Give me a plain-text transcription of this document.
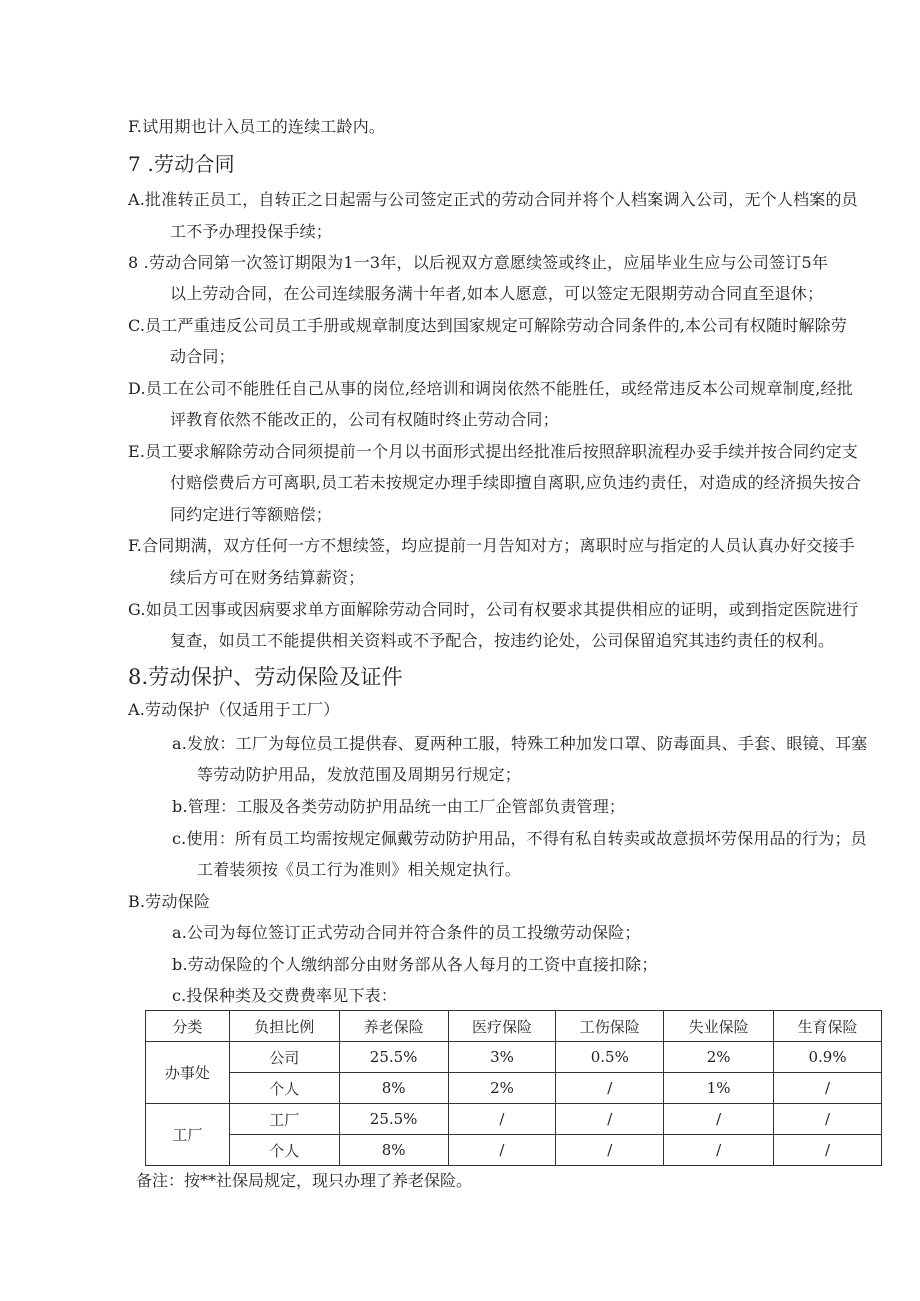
F.试用期也计入员工的连续工龄内。
7 .劳动合同
A.批准转正员工，自转正之日起需与公司签定正式的劳动合同并将个人档案调入公司，无个人档案的员
工不予办理投保手续；
8 .劳动合同第一次签订期限为1一3年，以后视双方意愿续签或终止，应届毕业生应与公司签订5年
以上劳动合同，在公司连续服务满十年者,如本人愿意，可以签定无限期劳动合同直至退休；
C.员工严重违反公司员工手册或规章制度达到国家规定可解除劳动合同条件的,本公司有权随时解除劳
动合同；
D.员工在公司不能胜任自己从事的岗位,经培训和调岗依然不能胜任，或经常违反本公司规章制度,经批
评教育依然不能改正的，公司有权随时终止劳动合同；
E.员工要求解除劳动合同须提前一个月以书面形式提出经批准后按照辞职流程办妥手续并按合同约定支
付赔偿费后方可离职,员工若未按规定办理手续即擅自离职,应负违约责任，对造成的经济损失按合
同约定进行等额赔偿；
F.合同期满，双方任何一方不想续签，均应提前一月告知对方；离职时应与指定的人员认真办好交接手
续后方可在财务结算薪资；
G.如员工因事或因病要求单方面解除劳动合同时，公司有权要求其提供相应的证明，或到指定医院进行
复查，如员工不能提供相关资料或不予配合，按违约论处，公司保留追究其违约责任的权利。
8.劳动保护、劳动保险及证件
A.劳动保护（仅适用于工厂）
a.发放：工厂为每位员工提供春、夏两种工服，特殊工种加发口罩、防毒面具、手套、眼镜、耳塞
等劳动防护用品，发放范围及周期另行规定；
b.管理：工服及各类劳动防护用品统一由工厂企管部负责管理；
c.使用：所有员工均需按规定佩戴劳动防护用品，不得有私自转卖或故意损坏劳保用品的行为；员
工着装须按《员工行为准则》相关规定执行。
B.劳动保险
a.公司为每位签订正式劳动合同并符合条件的员工投缴劳动保险；
b.劳动保险的个人缴纳部分由财务部从各人每月的工资中直接扣除；
c.投保种类及交费费率见下表：
分类	负担比例	养老保险	医疗保险	工伤保险	失业保险	生育保险
办事处	公司	25.5%	3%	0.5%	2%	0.9%
	个人	8%	2%	/	1%	/
工厂	工厂	25.5%	/	/	/	/
	个人	8%	/	/	/	/
备注：按**社保局规定，现只办理了养老保险。
